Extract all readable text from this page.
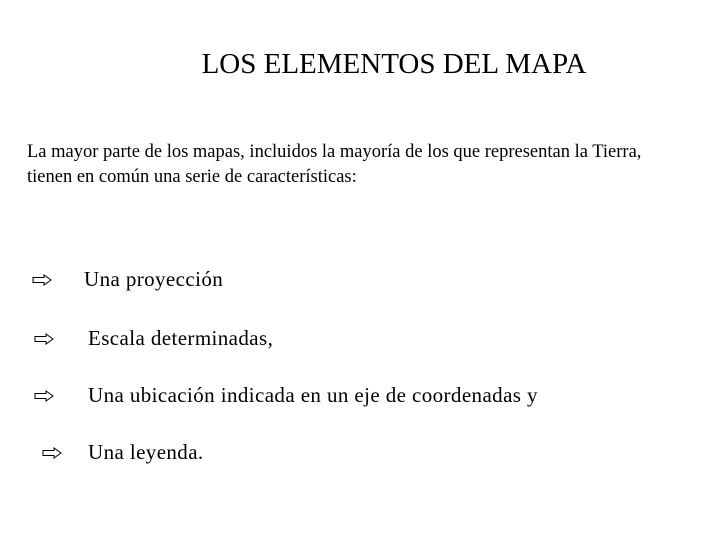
LOS ELEMENTOS DEL MAPA
La mayor parte de los mapas, incluidos la mayoría de los que representan la Tierra, tienen en común una serie de características:
Una proyección
Escala determinadas,
Una ubicación indicada en un eje de coordenadas y
Una leyenda.
